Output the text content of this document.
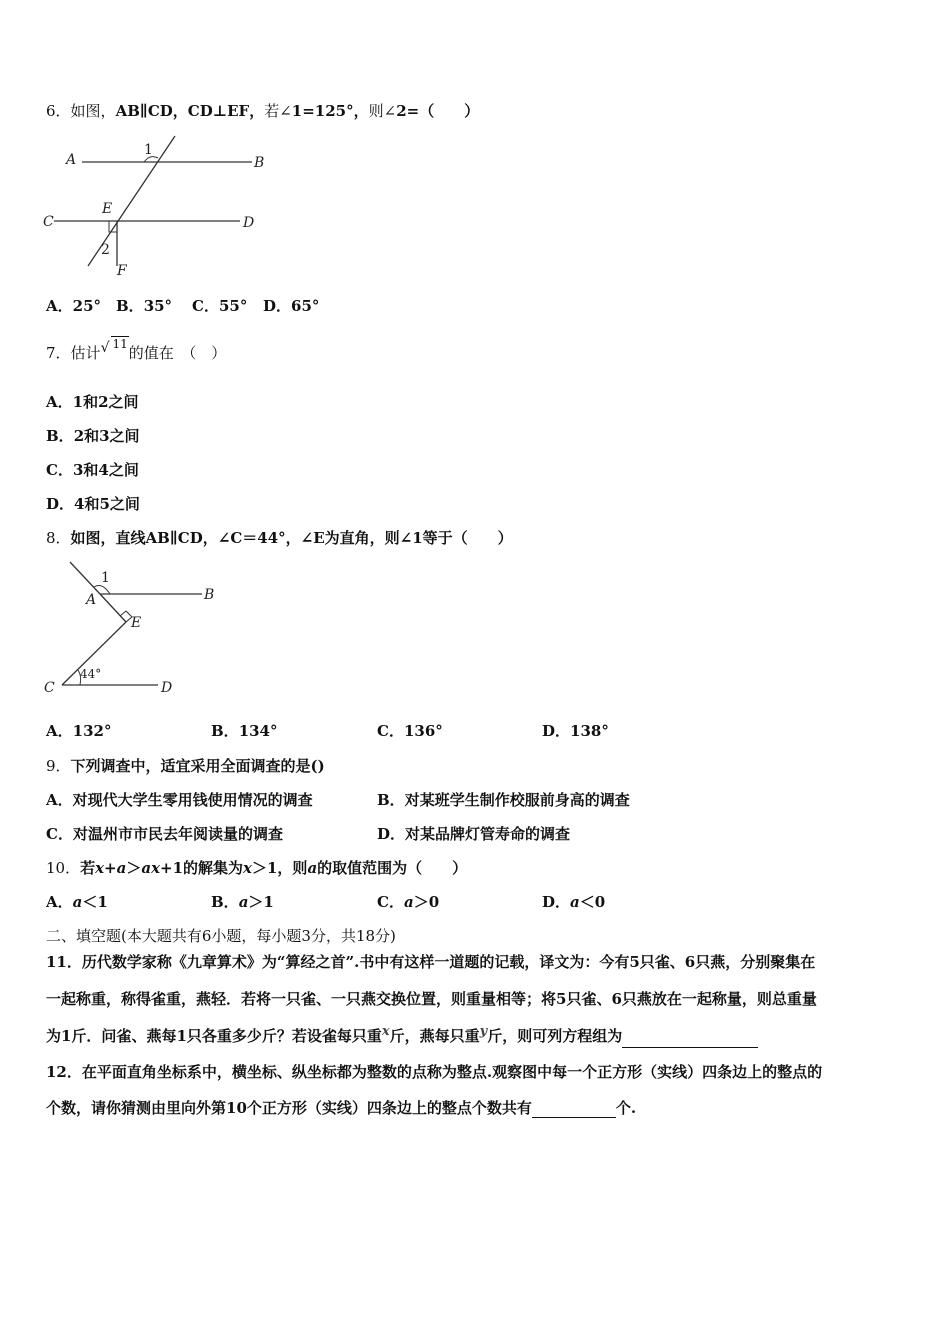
6．如图，AB∥CD，CD⊥EF，若∠1=125°，则∠2=（　　）
A	B
C	D
E
F
1
2
A．25° B．35° C．55° D．65°
7．估计√ $^{11}$的值在　（　）
A．1和2之间
B．2和3之间
C．3和4之间
D．4和5之间
8．如图，直线AB∥CD，∠C＝44°，∠E为直角，则∠1等于（　　）
A	B
C	D
E
1
44°
A．132°	B．134°	C．136°	D．138°
9．下列调查中，适宜采用全面调查的是()
A．对现代大学生零用钱使用情况的调查	B．对某班学生制作校服前身高的调查
C．对温州市市民去年阅读量的调查	D．对某品牌灯管寿命的调查
10．若x+a＞ax+1的解集为x＞1，则a的取值范围为（　　）
A．a＜1	B．a＞1	C．a＞0	D．a＜0
二、填空题(本大题共有6小题，每小题3分，共18分)
11．历代数学家称《九章算术》为“算经之首”.书中有这样一道题的记载，译文为：今有5只雀、6只燕，分别聚集在
一起称重，称得雀重，燕轻．若将一只雀、一只燕交换位置，则重量相等；将5只雀、6只燕放在一起称量，则总重量
为1斤．问雀、燕每1只各重多少斤？若设雀每只重x斤，燕每只重y斤，则可列方程组为
12．在平面直角坐标系中，横坐标、纵坐标都为整数的点称为整点.观察图中每一个正方形（实线）四条边上的整点的
个数，请你猜测由里向外第10个正方形（实线）四条边上的整点个数共有	个.
